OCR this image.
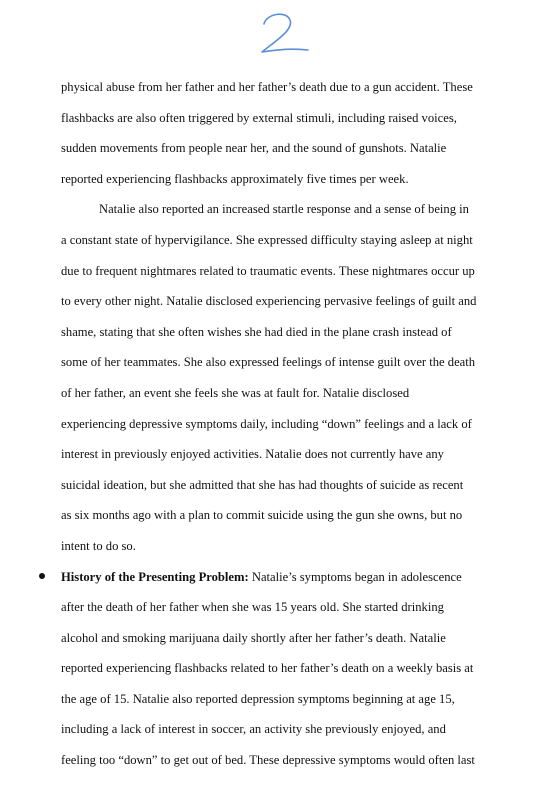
physical abuse from her father and her father’s death due to a gun accident. These
flashbacks are also often triggered by external stimuli, including raised voices,
sudden movements from people near her, and the sound of gunshots. Natalie
reported experiencing flashbacks approximately five times per week.
Natalie also reported an increased startle response and a sense of being in
a constant state of hypervigilance. She expressed difficulty staying asleep at night
due to frequent nightmares related to traumatic events. These nightmares occur up
to every other night. Natalie disclosed experiencing pervasive feelings of guilt and
shame, stating that she often wishes she had died in the plane crash instead of
some of her teammates. She also expressed feelings of intense guilt over the death
of her father, an event she feels she was at fault for. Natalie disclosed
experiencing depressive symptoms daily, including “down” feelings and a lack of
interest in previously enjoyed activities. Natalie does not currently have any
suicidal ideation, but she admitted that she has had thoughts of suicide as recent
as six months ago with a plan to commit suicide using the gun she owns, but no
intent to do so.
History of the Presenting Problem: Natalie’s symptoms began in adolescence
after the death of her father when she was 15 years old. She started drinking
alcohol and smoking marijuana daily shortly after her father’s death. Natalie
reported experiencing flashbacks related to her father’s death on a weekly basis at
the age of 15. Natalie also reported depression symptoms beginning at age 15,
including a lack of interest in soccer, an activity she previously enjoyed, and
feeling too “down” to get out of bed. These depressive symptoms would often last
